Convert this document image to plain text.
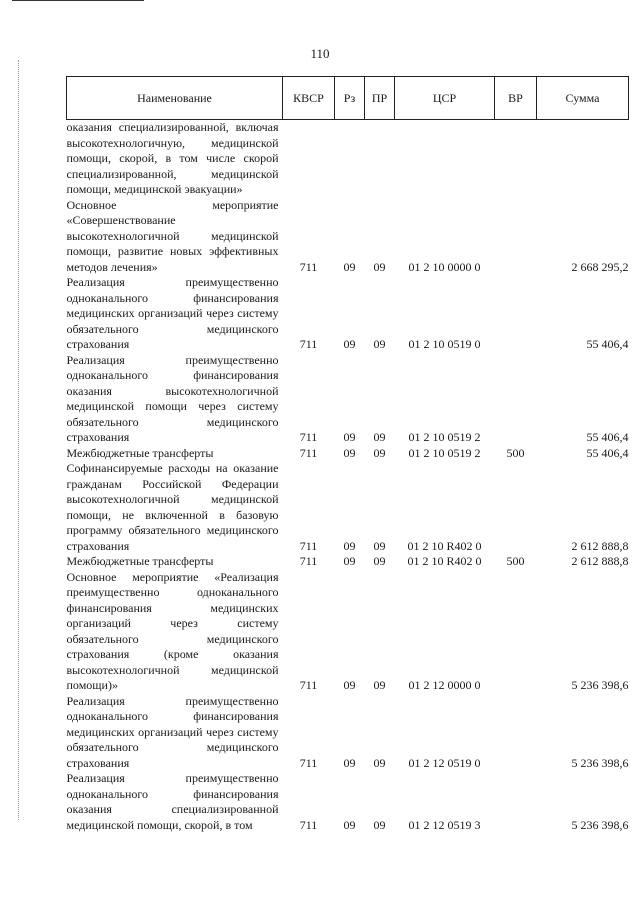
110
Наименование	КВСР	Рз	ПР	ЦСР	ВР	Сумма
оказания специализированной, включая высокотехнологичную, медицинской помощи, скорой, в том числе скорой специализированной, медицинской помощи, медицинской эвакуации»						
Основное мероприятие «Совершенствование высокотехнологичной медицинской помощи, развитие новых эффективных методов лечения»	711	09	09	01 2 10 0000 0		2 668 295,2
Реализация преимущественно одноканального финансирования медицинских организаций через систему обязательного медицинского страхования	711	09	09	01 2 10 0519 0		55 406,4
Реализация преимущественно одноканального финансирования оказания высокотехнологичной медицинской помощи через систему обязательного медицинского страхования	711	09	09	01 2 10 0519 2		55 406,4
Межбюджетные трансферты	711	09	09	01 2 10 0519 2	500	55 406,4
Софинансируемые расходы на оказание гражданам Российской Федерации высокотехнологичной медицинской помощи, не включенной в базовую программу обязательного медицинского страхования	711	09	09	01 2 10 R402 0		2 612 888,8
Межбюджетные трансферты	711	09	09	01 2 10 R402 0	500	2 612 888,8
Основное мероприятие «Реализация преимущественно одноканального финансирования медицинских организаций через систему обязательного медицинского страхования (кроме оказания высокотехнологичной медицинской помощи)»	711	09	09	01 2 12 0000 0		5 236 398,6
Реализация преимущественно одноканального финансирования медицинских организаций через систему обязательного медицинского страхования	711	09	09	01 2 12 0519 0		5 236 398,6
Реализация преимущественно одноканального финансирования оказания специализированной медицинской помощи, скорой, в том	711	09	09	01 2 12 0519 3		5 236 398,6
